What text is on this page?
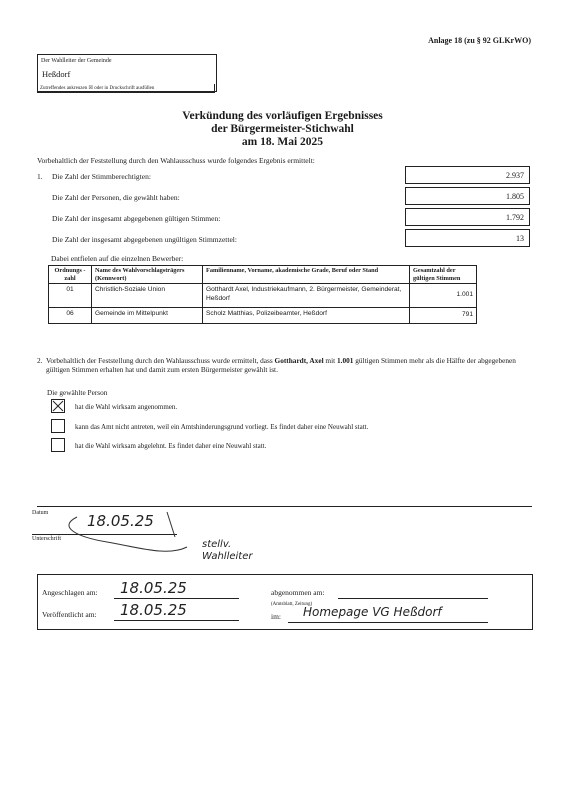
Anlage 18 (zu § 92 GLKrWO)
Der Wahlleiter der Gemeinde
Heßdorf
Zutreffendes ankreuzen ☒ oder in Druckschrift ausfüllen
Verkündung des vorläufigen Ergebnisses
der Bürgermeister-Stichwahl
am 18. Mai 2025
Vorbehaltlich der Feststellung durch den Wahlausschuss wurde folgendes Ergebnis ermittelt:
1. Die Zahl der Stimmberechtigten:	2.937
Die Zahl der Personen, die gewählt haben:	1.805
Die Zahl der insgesamt abgegebenen gültigen Stimmen:	1.792
Die Zahl der insgesamt abgegebenen ungültigen Stimmzettel:	13
Dabei entfielen auf die einzelnen Bewerber:
Ordnungs - zahl	Name des Wahlvorschlagsträgers (Kennwort)	Familienname, Vorname, akademische Grade, Beruf oder Stand	Gesamtzahl der gültigen Stimmen
01	Christlich-Soziale Union	Gotthardt Axel, Industriekaufmann, 2. Bürgermeister, Gemeinderat, Heßdorf	1.001
06	Gemeinde im Mittelpunkt	Scholz Matthias, Polizeibeamter, Heßdorf	791
2. Vorbehaltlich der Feststellung durch den Wahlausschuss wurde ermittelt, dass Gotthardt, Axel mit 1.001 gültigen Stimmen mehr als die Hälfte der abgegebenen gültigen Stimmen erhalten hat und damit zum ersten Bürgermeister gewählt ist.
Die gewählte Person
hat die Wahl wirksam angenommen.
kann das Amt nicht antreten, weil ein Amtshinderungsgrund vorliegt. Es findet daher eine Neuwahl statt.
hat die Wahl wirksam abgelehnt. Es findet daher eine Neuwahl statt.
Datum	18.05.25
Unterschrift	stellv. Wahlleiter
Angeschlagen am: 18.05.25
Veröffentlicht am: 18.05.25
abgenommen am:
(Amtsblatt, Zeitung)
im: Homepage VG Heßdorf
